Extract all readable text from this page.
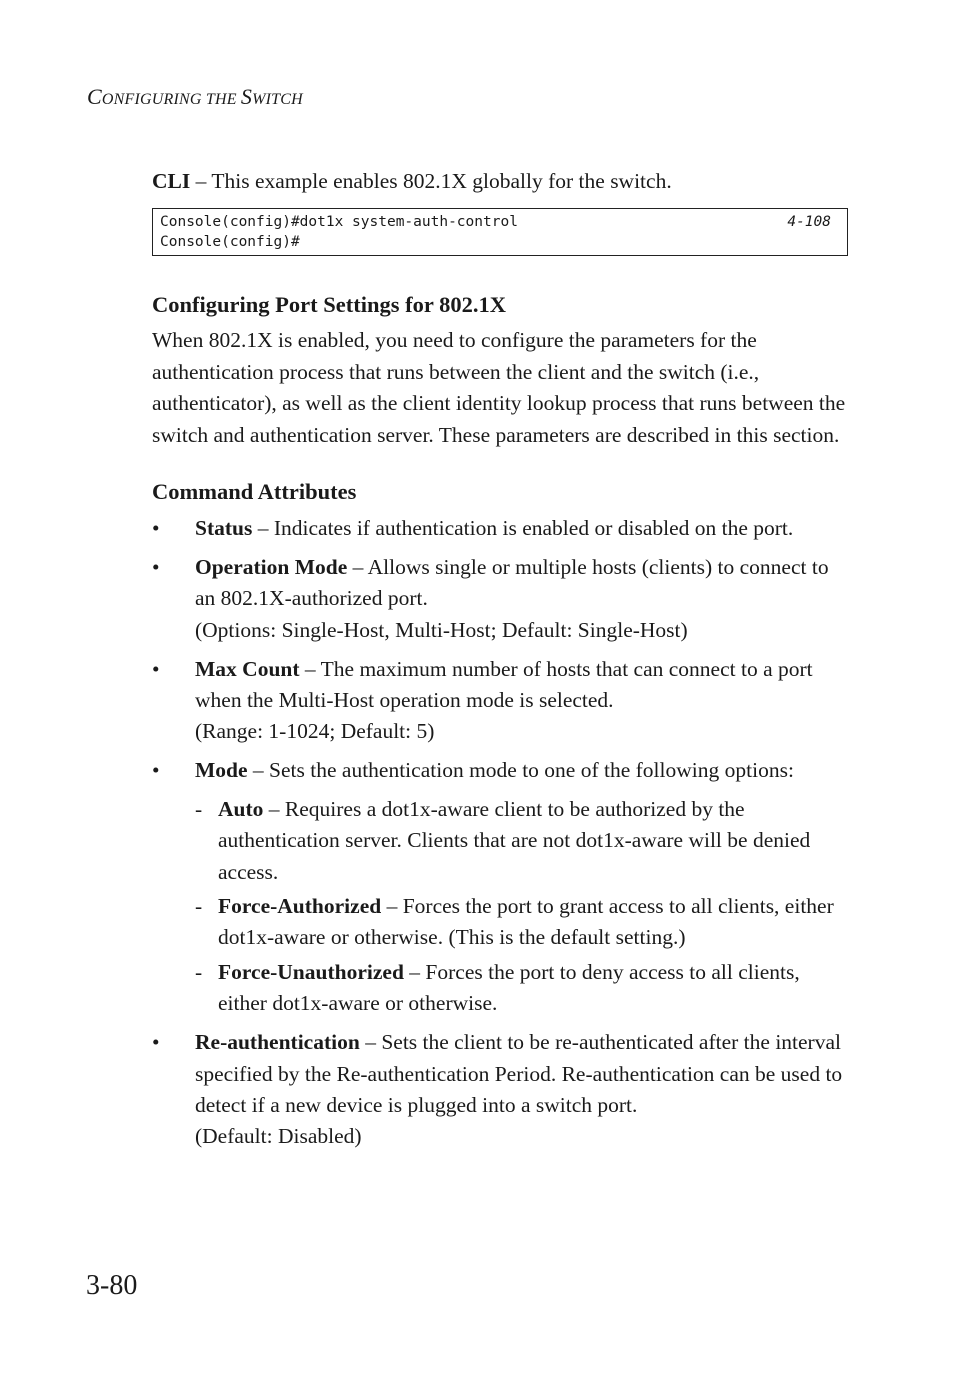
CONFIGURING THE SWITCH

CLI – This example enables 802.1X globally for the switch.

Console(config)#dot1x system-auth-control	4-108
Console(config)#
Configuring Port Settings for 802.1X

When 802.1X is enabled, you need to configure the parameters for the authentication process that runs between the client and the switch (i.e., authenticator), as well as the client identity lookup process that runs between the switch and authentication server. These parameters are described in this section.

Command Attributes
• Status – Indicates if authentication is enabled or disabled on the port.
• Operation Mode – Allows single or multiple hosts (clients) to connect to an 802.1X-authorized port.
(Options: Single-Host, Multi-Host; Default: Single-Host)
• Max Count – The maximum number of hosts that can connect to a port when the Multi-Host operation mode is selected.
(Range: 1-1024; Default: 5)
• Mode – Sets the authentication mode to one of the following options:
- Auto – Requires a dot1x-aware client to be authorized by the authentication server. Clients that are not dot1x-aware will be denied access.
- Force-Authorized – Forces the port to grant access to all clients, either dot1x-aware or otherwise. (This is the default setting.)
- Force-Unauthorized – Forces the port to deny access to all clients, either dot1x-aware or otherwise.
• Re-authentication – Sets the client to be re-authenticated after the interval specified by the Re-authentication Period. Re-authentication can be used to detect if a new device is plugged into a switch port.
(Default: Disabled)
3-80
